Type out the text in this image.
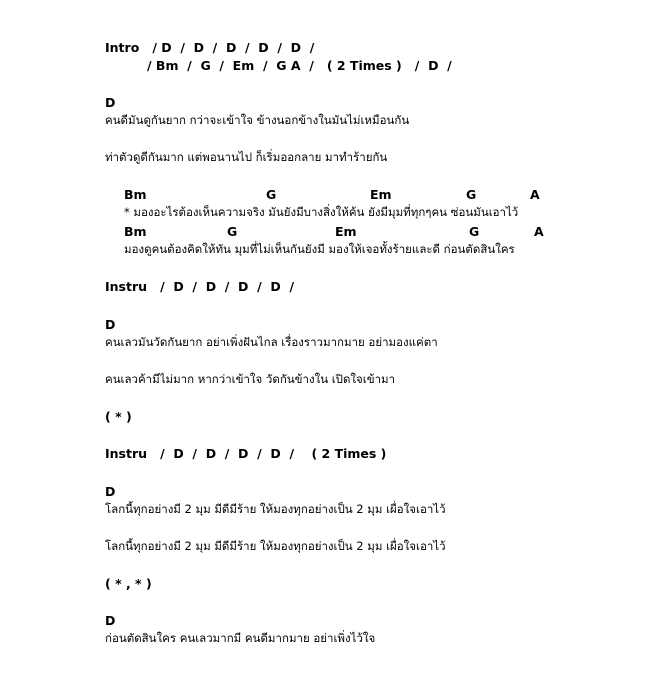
Intro   / D  /  D  /  D  /  D  /  D  /
/ Bm  /  G  /  Em  /  G A  /   ( 2 Times )   /  D  /
D
คนดีมันดูกันยาก กว่าจะเข้าใจ ข้างนอกข้างในมันไม่เหมือนกัน
ท่าตัวดูดีกันมาก แต่พอนานไป ก็เริ่มออกลาย มาทำร้ายกัน
Bm	G	Em	G	A
* มองอะไรต้องเห็นความจริง มันยังมีบางสิ่งให้ค้น ยังมีมุมที่ทุกๆคน ซ่อนมันเอาไว้
Bm	G	Em	G	A
มองดูคนต้องคิดให้ทัน มุมที่ไม่เห็นกันยังมี มองให้เจอทั้งร้ายและดี ก่อนตัดสินใคร
Instru   /  D  /  D  /  D  /  D  /
D
คนเลวมันวัดกันยาก อย่าเพิ่งฝันไกล เรื่องราวมากมาย อย่ามองแค่ตา
คนเลวค้ามีไม่มาก หากว่าเข้าใจ วัดกันข้างใน เปิดใจเข้ามา
( * )
Instru   /  D  /  D  /  D  /  D  /    ( 2 Times )
D
โลกนี้ทุกอย่างมี 2 มุม มีดีมีร้าย ให้มองทุกอย่างเป็น 2 มุม เผื่อใจเอาไว้
โลกนี้ทุกอย่างมี 2 มุม มีดีมีร้าย ให้มองทุกอย่างเป็น 2 มุม เผื่อใจเอาไว้
( * , * )
D
ก่อนตัดสินใคร คนเลวมากมี คนดีมากมาย อย่าเพิ่งไว้ใจ
